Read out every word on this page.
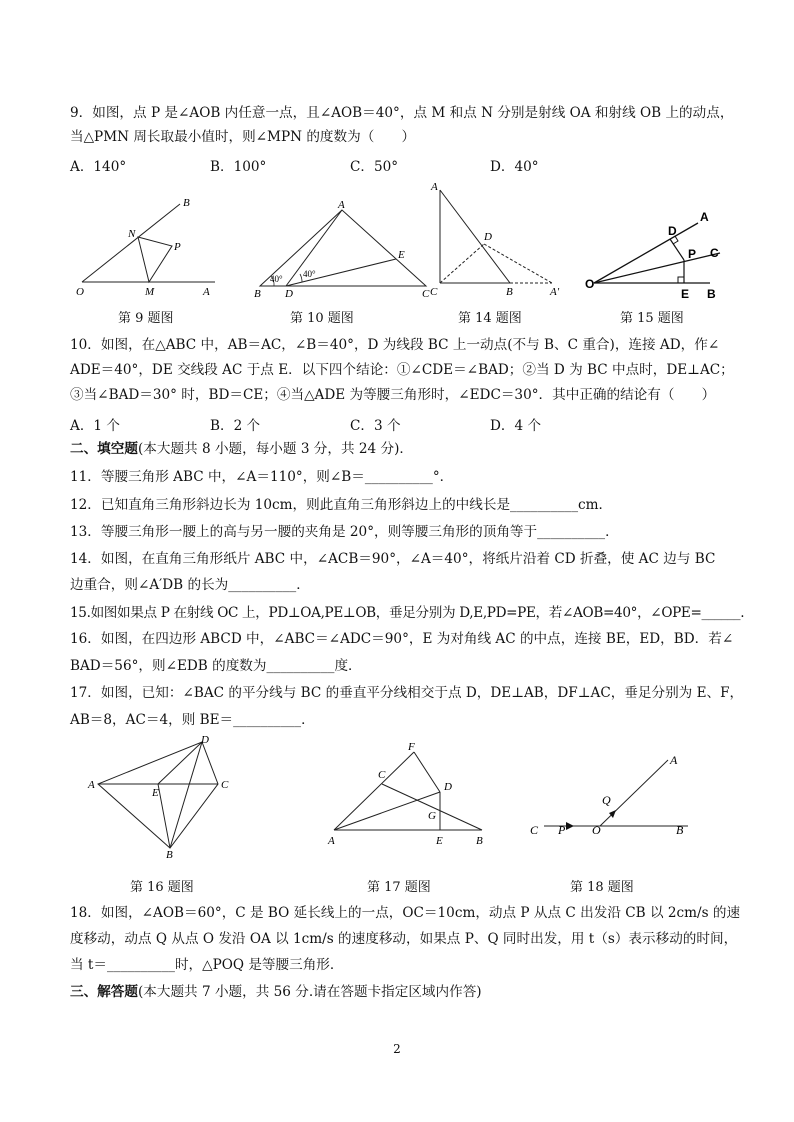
9．如图，点 P 是∠AOB 内任意一点，且∠AOB＝40°，点 M 和点 N 分别是射线 OA 和射线 OB 上的动点，
当△PMN 周长取最小值时，则∠MPN 的度数为（　　）
A．140°	B．100°	C．50°	D．40°
B
N
P
O	M	A
第 9 题图
A
E
B D	C
40° 40°
第 10 题图
A
D
C	B	A′
第 14 题图
A
D
P C
O
E B
第 15 题图
10．如图，在△ABC 中，AB＝AC，∠B＝40°，D 为线段 BC 上一动点(不与 B、C 重合)，连接 AD，作∠
ADE＝40°，DE 交线段 AC 于点 E．以下四个结论：①∠CDE＝∠BAD；②当 D 为 BC 中点时，DE⊥AC；
③当∠BAD＝30° 时，BD＝CE；④当△ADE 为等腰三角形时，∠EDC＝30°．其中正确的结论有（　　）
A．1 个	B．2 个	C．3 个	D．4 个
二、填空题(本大题共 8 小题，每小题 3 分，共 24 分)．
11．等腰三角形 ABC 中，∠A＝110°，则∠B＝__________°．
12．已知直角三角形斜边长为 10cm，则此直角三角形斜边上的中线长是__________cm．
13．等腰三角形一腰上的高与另一腰的夹角是 20°，则等腰三角形的顶角等于__________．
14．如图，在直角三角形纸片 ABC 中，∠ACB＝90°，∠A＝40°，将纸片沿着 CD 折叠，使 AC 边与 BC
边重合，则∠A′DB 的长为__________．
15.如图如果点 P 在射线 OC 上，PD⊥OA,PE⊥OB，垂足分别为 D,E,PD=PE，若∠AOB=40°，∠OPE=______.
16．如图，在四边形 ABCD 中，∠ABC＝∠ADC＝90°，E 为对角线 AC 的中点，连接 BE，ED，BD．若∠
BAD＝56°，则∠EDB 的度数为__________度．
17．如图，已知：∠BAC 的平分线与 BC 的垂直平分线相交于点 D，DE⊥AB，DF⊥AC，垂足分别为 E、F，
AB＝8，AC＝4，则 BE＝__________．
D
A
E
C
B
第 16 题图
F
C
D
G
A	E	B
第 17 题图
A
Q
C P O	B
第 18 题图
18．如图，∠AOB＝60°，C 是 BO 延长线上的一点，OC＝10cm，动点 P 从点 C 出发沿 CB 以 2cm/s 的速
度移动，动点 Q 从点 O 发沿 OA 以 1cm/s 的速度移动，如果点 P、Q 同时出发，用 t（s）表示移动的时间，
当 t＝__________时，△POQ 是等腰三角形．
三、解答题(本大题共 7 小题，共 56 分.请在答题卡指定区域内作答)
2
